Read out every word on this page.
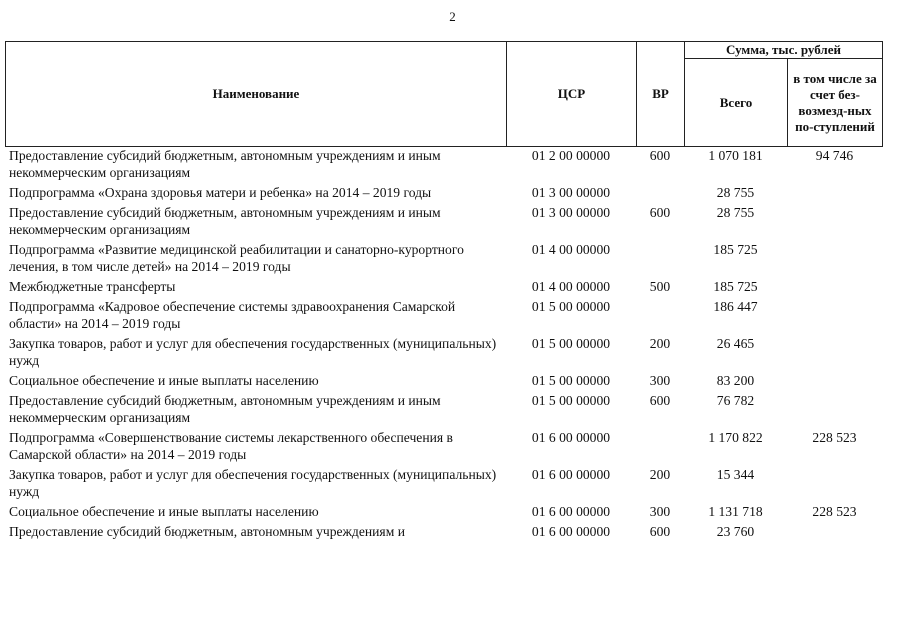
2
Наименование	ЦСР	ВР	Сумма, тыс. рублей	
			Всего	в том числе за счет без-возмезд-ных по-ступлений
Предоставление субсидий бюджетным, автономным учреждениям и иным некоммерческим организациям	01 2 00 00000	600	1 070 181	94 746
Подпрограмма «Охрана здоровья матери и ребенка» на 2014 – 2019 годы	01 3 00 00000		28 755	
Предоставление субсидий бюджетным, автономным учреждениям и иным некоммерческим организациям	01 3 00 00000	600	28 755	
Подпрограмма «Развитие медицинской реабилитации и санаторно-курортного лечения, в том числе детей» на 2014 – 2019 годы	01 4 00 00000		185 725	
Межбюджетные трансферты	01 4 00 00000	500	185 725	
Подпрограмма «Кадровое обеспечение системы здравоохранения Самарской области» на 2014 – 2019 годы	01 5 00 00000		186 447	
Закупка товаров, работ и услуг для обеспечения государственных (муниципальных) нужд	01 5 00 00000	200	26 465	
Социальное обеспечение и иные выплаты населению	01 5 00 00000	300	83 200	
Предоставление субсидий бюджетным, автономным учреждениям и иным некоммерческим организациям	01 5 00 00000	600	76 782	
Подпрограмма «Совершенствование системы лекарственного обеспечения в Самарской области» на 2014 – 2019 годы	01 6 00 00000		1 170 822	228 523
Закупка товаров, работ и услуг для обеспечения государственных (муниципальных) нужд	01 6 00 00000	200	15 344	
Социальное обеспечение и иные выплаты населению	01 6 00 00000	300	1 131 718	228 523
Предоставление субсидий бюджетным, автономным учреждениям и	01 6 00 00000	600	23 760	
